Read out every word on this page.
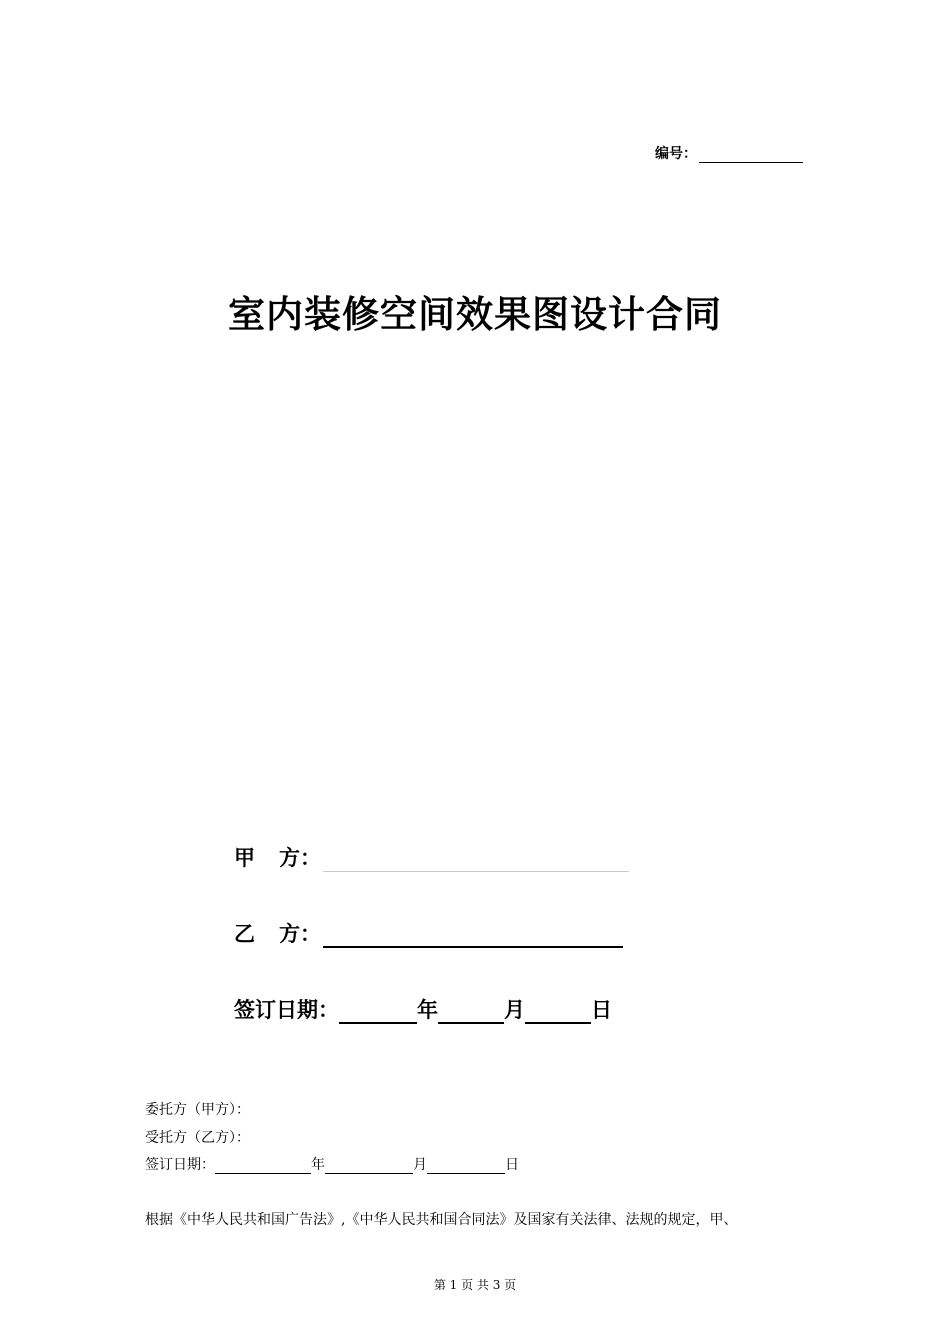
编号：
室内装修空间效果图设计合同
甲 方：
乙 方：
签订日期：	年	月	日
委托方（甲方）：
受托方（乙方）：
签订日期：	年	月	日
根据《中华人民共和国广告法》,《中华人民共和国合同法》及国家有关法律、法规的规定，甲、
第 1 页 共 3 页
